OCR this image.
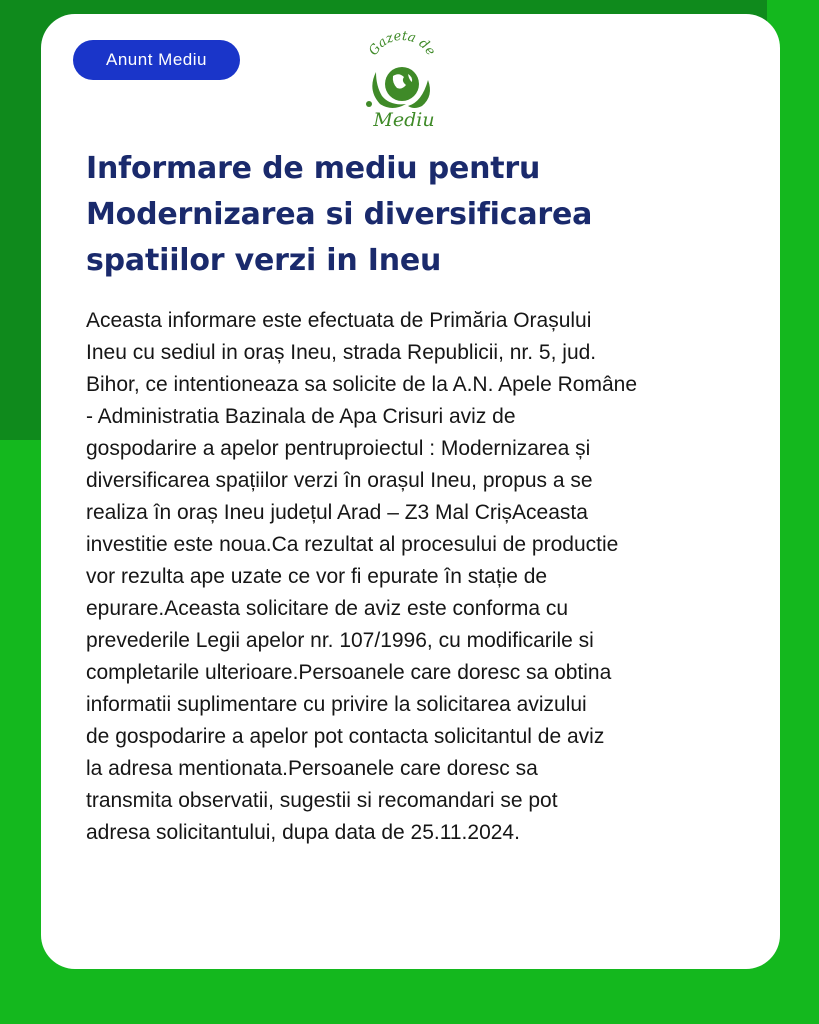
Anunt Mediu
Gazeta de
Mediu
Informare de mediu pentru
Modernizarea si diversificarea
spatiilor verzi in Ineu
Aceasta informare este efectuata de Primăria Orașului
Ineu cu sediul in oraș Ineu, strada Republicii, nr. 5, jud.
Bihor, ce intentioneaza sa solicite de la A.N. Apele Române
- Administratia Bazinala de Apa Crisuri aviz de
gospodarire a apelor pentruproiectul : Modernizarea și
diversificarea spațiilor verzi în orașul Ineu, propus a se
realiza în oraș Ineu județul Arad – Z3 Mal CrișAceasta
investitie este noua.Ca rezultat al procesului de productie
vor rezulta ape uzate ce vor fi epurate în stație de
epurare.Aceasta solicitare de aviz este conforma cu
prevederile Legii apelor nr. 107/1996, cu modificarile si
completarile ulterioare.Persoanele care doresc sa obtina
informatii suplimentare cu privire la solicitarea avizului
de gospodarire a apelor pot contacta solicitantul de aviz
la adresa mentionata.Persoanele care doresc sa
transmita observatii, sugestii si recomandari se pot
adresa solicitantului, dupa data de 25.11.2024.
